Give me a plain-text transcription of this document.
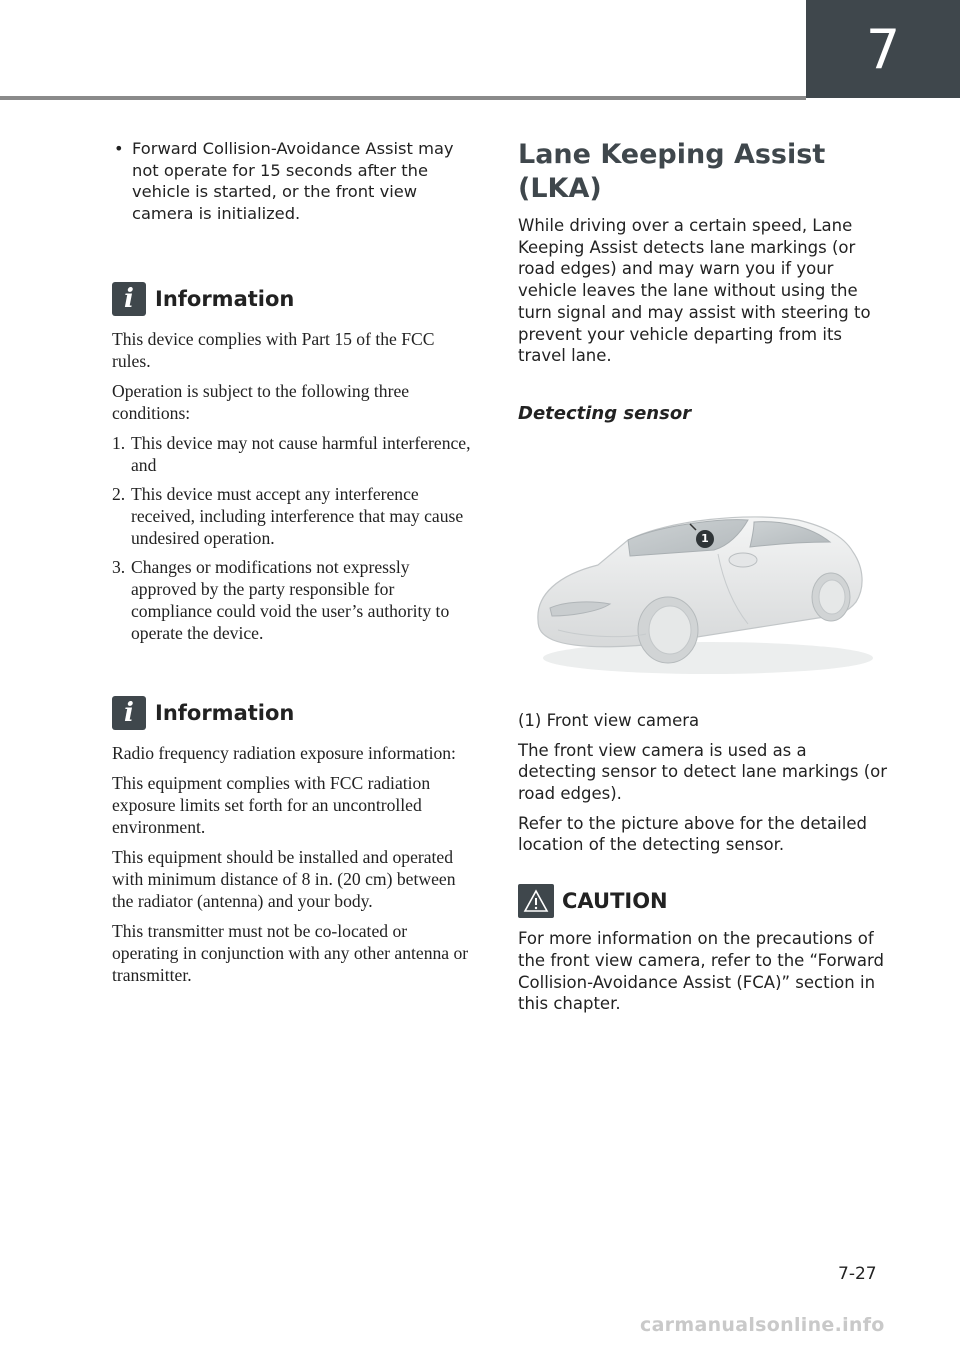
7
• Forward Collision-Avoidance Assist may not operate for 15 seconds after the vehicle is started, or the front view camera is initialized.
i	Information

This device complies with Part 15 of the FCC rules.

Operation is subject to the following three conditions:

1. This device may not cause harmful interference, and
2. This device must accept any interference received, including interference that may cause undesired operation.
3. Changes or modifications not expressly approved by the party responsible for compliance could void the user’s authority to operate the device.
i	Information

Radio frequency radiation exposure information:

This equipment complies with FCC radiation exposure limits set forth for an uncontrolled environment.

This equipment should be installed and operated with minimum distance of 8 in. (20 cm) between the radiator (antenna) and your body.

This transmitter must not be co-located or operating in conjunction with any other antenna or transmitter.

Lane Keeping Assist (LKA)

While driving over a certain speed, Lane Keeping Assist detects lane markings (or road edges) and may warn you if your vehicle leaves the lane without using the turn signal and may assist with steering to prevent your vehicle departing from its travel lane.

Detecting sensor
1

(1) Front view camera

The front view camera is used as a detecting sensor to detect lane markings (or road edges).

Refer to the picture above for the detailed location of the detecting sensor.

CAUTION

For more information on the precautions of the front view camera, refer to the “Forward Collision-Avoidance Assist (FCA)” section in this chapter.

7-27
carmanualsonline.info
